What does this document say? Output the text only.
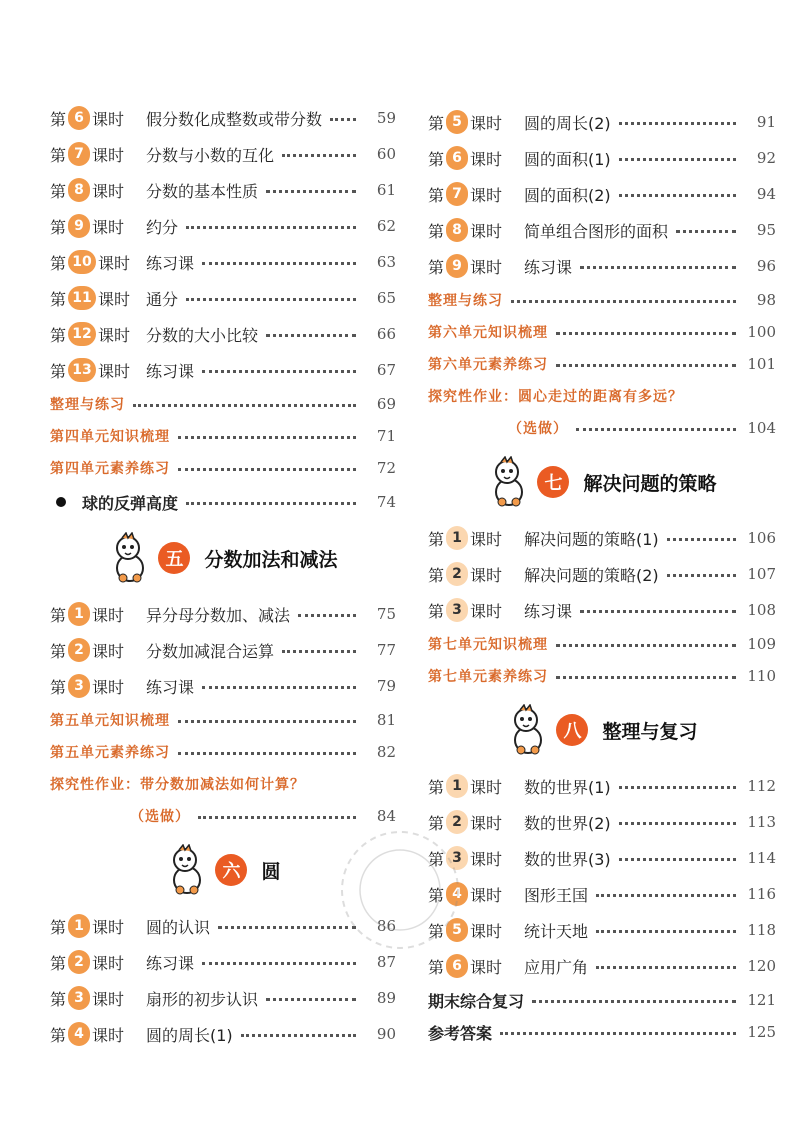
第 6 课时 假分数化成整数或带分数	59
第 7 课时 分数与小数的互化	60
第 8 课时 分数的基本性质	61
第 9 课时 约分	62
第 10 课时 练习课	63
第 11 课时 通分	65
第 12 课时 分数的大小比较	66
第 13 课时 练习课	67
整理与练习	69
第四单元知识梳理	71
第四单元素养练习	72
球的反弹高度	74
五	分数加法和减法
第 1 课时 异分母分数加、减法	75
第 2 课时 分数加减混合运算	77
第 3 课时 练习课	79
第五单元知识梳理	81
第五单元素养练习	82
探究性作业：带分数加减法如何计算？
（选做）	84
六	圆
第 1 课时 圆的认识	86
第 2 课时 练习课	87
第 3 课时 扇形的初步认识	89
第 4 课时 圆的周长(1)	90
第 5 课时 圆的周长(2)	91
第 6 课时 圆的面积(1)	92
第 7 课时 圆的面积(2)	94
第 8 课时 简单组合图形的面积	95
第 9 课时 练习课	96
整理与练习	98
第六单元知识梳理	100
第六单元素养练习	101
探究性作业：圆心走过的距离有多远？
（选做）	104
七	解决问题的策略
第 1 课时 解决问题的策略(1)	106
第 2 课时 解决问题的策略(2)	107
第 3 课时 练习课	108
第七单元知识梳理	109
第七单元素养练习	110
八	整理与复习
第 1 课时 数的世界(1)	112
第 2 课时 数的世界(2)	113
第 3 课时 数的世界(3)	114
第 4 课时 图形王国	116
第 5 课时 统计天地	118
第 6 课时 应用广角	120
期末综合复习	121
参考答案	125
